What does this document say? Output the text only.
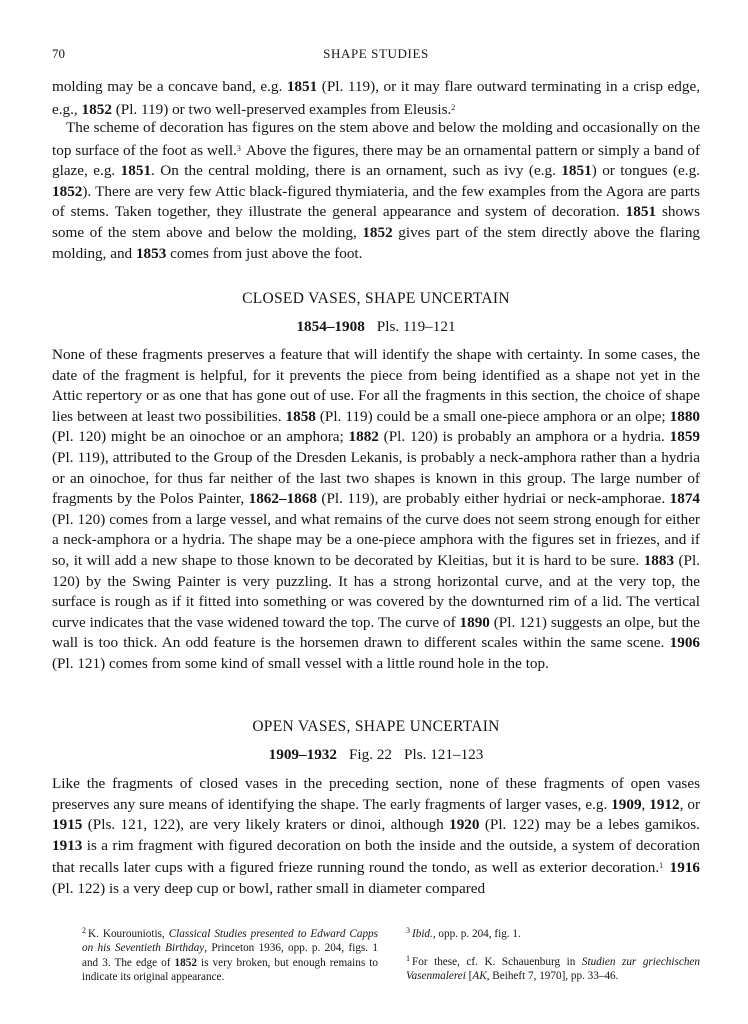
70	SHAPE STUDIES

molding may be a concave band, e.g. 1851 (Pl. 119), or it may flare outward terminating in a crisp edge, e.g., 1852 (Pl. 119) or two well-preserved examples from Eleusis.$^2$

The scheme of decoration has figures on the stem above and below the molding and occasionally on the top surface of the foot as well.$^3$ Above the figures, there may be an ornamental pattern or simply a band of glaze, e.g. 1851. On the central molding, there is an ornament, such as ivy (e.g. 1851) or tongues (e.g. 1852). There are very few Attic black-figured thymiateria, and the few examples from the Agora are parts of stems. Taken together, they illustrate the general appearance and system of decoration. 1851 shows some of the stem above and below the molding, 1852 gives part of the stem directly above the flaring molding, and 1853 comes from just above the foot.

CLOSED VASES, SHAPE UNCERTAIN
1854–1908 Pls. 119–121

None of these fragments preserves a feature that will identify the shape with certainty. In some cases, the date of the fragment is helpful, for it prevents the piece from being identified as a shape not yet in the Attic repertory or as one that has gone out of use. For all the fragments in this section, the choice of shape lies between at least two possibilities. 1858 (Pl. 119) could be a small one-piece amphora or an olpe; 1880 (Pl. 120) might be an oinochoe or an amphora; 1882 (Pl. 120) is probably an amphora or a hydria. 1859 (Pl. 119), attributed to the Group of the Dresden Lekanis, is probably a neck-amphora rather than a hydria or an oinochoe, for thus far neither of the last two shapes is known in this group. The large number of fragments by the Polos Painter, 1862–1868 (Pl. 119), are probably either hydriai or neck-amphorae. 1874 (Pl. 120) comes from a large vessel, and what remains of the curve does not seem strong enough for either a neck-amphora or a hydria. The shape may be a one-piece amphora with the figures set in friezes, and if so, it will add a new shape to those known to be decorated by Kleitias, but it is hard to be sure. 1883 (Pl. 120) by the Swing Painter is very puzzling. It has a strong horizontal curve, and at the very top, the surface is rough as if it fitted into something or was covered by the downturned rim of a lid. The vertical curve indicates that the vase widened toward the top. The curve of 1890 (Pl. 121) suggests an olpe, but the wall is too thick. An odd feature is the horsemen drawn to different scales within the same scene. 1906 (Pl. 121) comes from some kind of small vessel with a little round hole in the top.

OPEN VASES, SHAPE UNCERTAIN
1909–1932 Fig. 22 Pls. 121–123

Like the fragments of closed vases in the preceding section, none of these fragments of open vases preserves any sure means of identifying the shape. The early fragments of larger vases, e.g. 1909, 1912, or 1915 (Pls. 121, 122), are very likely kraters or dinoi, although 1920 (Pl. 122) may be a lebes gamikos. 1913 is a rim fragment with figured decoration on both the inside and the outside, a system of decoration that recalls later cups with a figured frieze running round the tondo, as well as exterior decoration.$^1$ 1916 (Pl. 122) is a very deep cup or bowl, rather small in diameter compared

$^2$ K. Kourouniotis, Classical Studies presented to Edward Capps on his Seventieth Birthday, Princeton 1936, opp. p. 204, figs. 1 and 3. The edge of 1852 is very broken, but enough remains to indicate its original appearance.
$^3$ Ibid., opp. p. 204, fig. 1.
$^1$ For these, cf. K. Schauenburg in Studien zur griechischen Vasenmalerei [AK, Beiheft 7, 1970], pp. 33–46.
